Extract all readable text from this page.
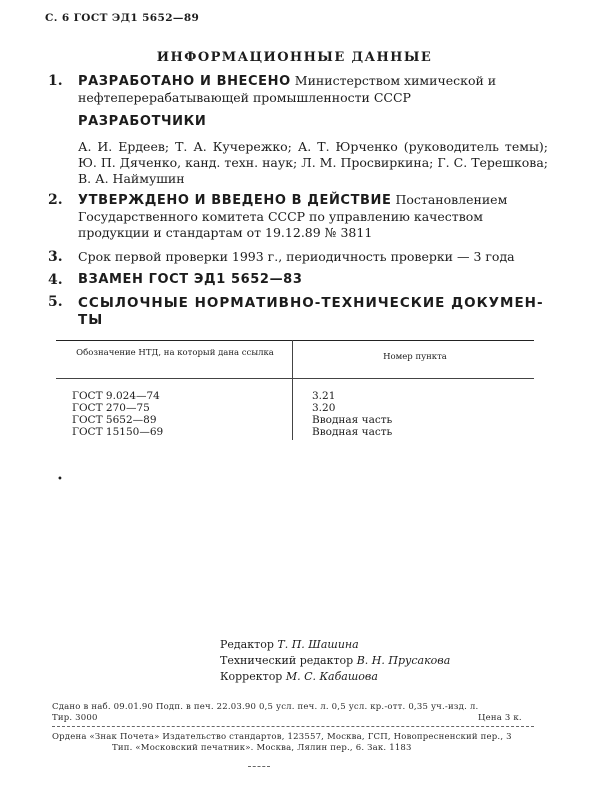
С. 6 ГОСТ ЭД1 5652—89
ИНФОРМАЦИОННЫЕ ДАННЫЕ
1. РАЗРАБОТАНО И ВНЕСЕНО Министерством химической и нефтеперерабатывающей промышленности СССР
РАЗРАБОТЧИКИ
А. И. Ердеев; Т. А. Кучережко; А. Т. Юрченко (руководитель темы); Ю. П. Дяченко, канд. техн. наук; Л. М. Просвиркина; Г. С. Терешкова; В. А. Наймушин
2. УТВЕРЖДЕНО И ВВЕДЕНО В ДЕЙСТВИЕ Постановлением Государственного комитета СССР по управлению качеством продукции и стандартам от 19.12.89 № 3811
3. Срок первой проверки 1993 г., периодичность проверки — 3 года
4. ВЗАМЕН ГОСТ ЭД1 5652—83
5. ССЫЛОЧНЫЕ НОРМАТИВНО-ТЕХНИЧЕСКИЕ ДОКУМЕН-
ТЫ
Обозначение НТД, на который дана ссылка	Номер пункта
ГОСТ 9.024—74	3.21
ГОСТ 270—75	3.20
ГОСТ 5652—89	Вводная часть
ГОСТ 15150—69	Вводная часть
•
Редактор Т. П. Шашина
Технический редактор В. Н. Прусакова
Корректор М. С. Кабашова
Сдано в наб. 09.01.90 Подп. в печ. 22.03.90 0,5 усл. печ. л. 0,5 усл. кр.-отт. 0,35 уч.-изд. л.
Тир. 3000	Цена 3 к.
Ордена «Знак Почета» Издательство стандартов, 123557, Москва, ГСП, Новопресненский пер., 3
Тип. «Московский печатник». Москва, Лялин пер., 6. Зак. 1183
